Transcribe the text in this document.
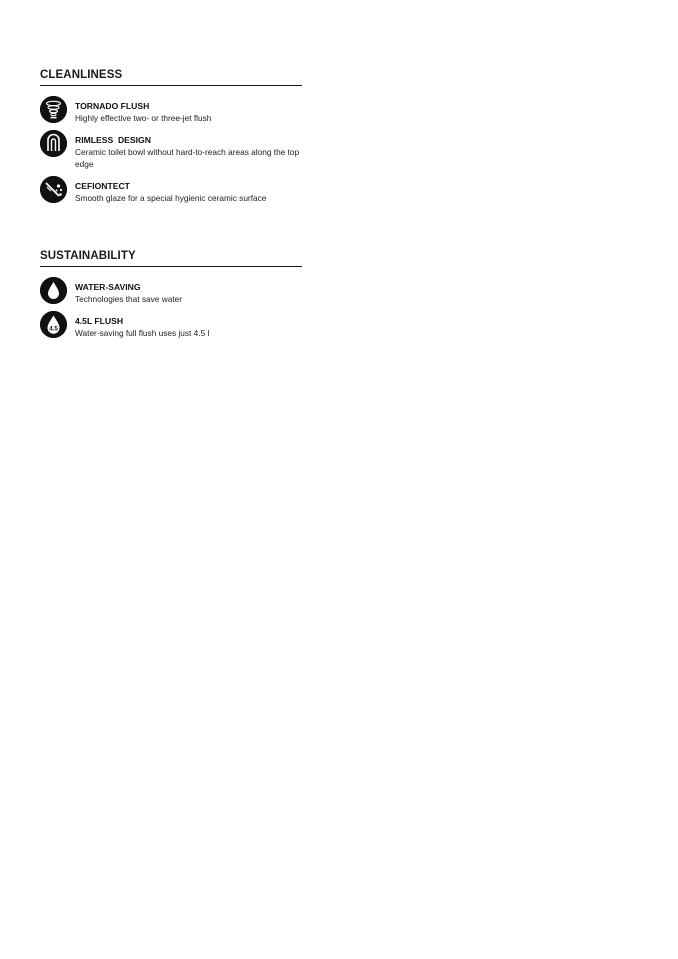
CLEANLINESS
TORNADO FLUSH
Highly effective two- or three-jet flush
RIMLESS  DESIGN
Ceramic toilet bowl without hard-to-reach areas along the top edge
CEFIONTECT
Smooth glaze for a special hygienic ceramic surface
SUSTAINABILITY
WATER-SAVING
Technologies that save water
4.5
4.5L FLUSH
Water-saving full flush uses just 4.5 l
